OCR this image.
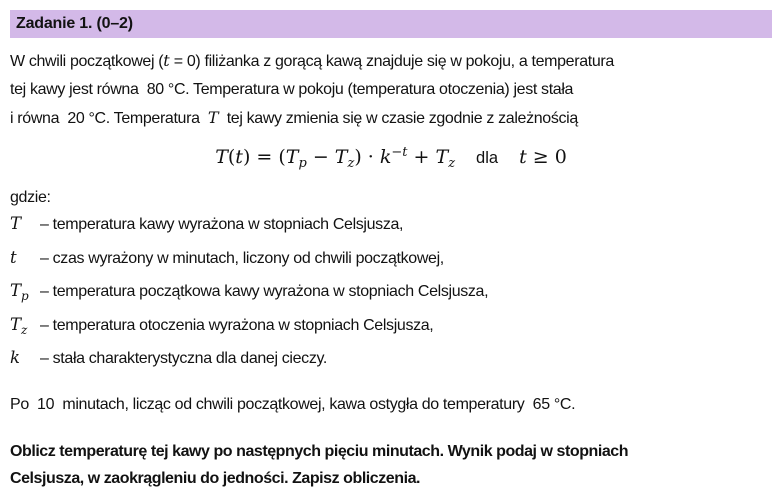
Zadanie 1. (0–2)
W chwili początkowej (t = 0) filiżanka z gorącą kawą znajduje się w pokoju, a temperatura
tej kawy jest równa  80 °C. Temperatura w pokoju (temperatura otoczenia) jest stała
i równa  20 °C. Temperatura  T  tej kawy zmienia się w czasie zgodnie z zależnością
$T(t) = (T_p - T_z) \cdot k^{-t} + T_z$ dla t ≥ 0
gdzie:
T	– temperatura kawy wyrażona w stopniach Celsjusza,
t	– czas wyrażony w minutach, liczony od chwili początkowej,
$T_p$ – temperatura początkowa kawy wyrażona w stopniach Celsjusza,
$T_z$ – temperatura otoczenia wyrażona w stopniach Celsjusza,
k	– stała charakterystyczna dla danej cieczy.
Po  10  minutach, licząc od chwili początkowej, kawa ostygła do temperatury  65 °C.
Oblicz temperaturę tej kawy po następnych pięciu minutach. Wynik podaj w stopniach
Celsjusza, w zaokrągleniu do jedności. Zapisz obliczenia.
